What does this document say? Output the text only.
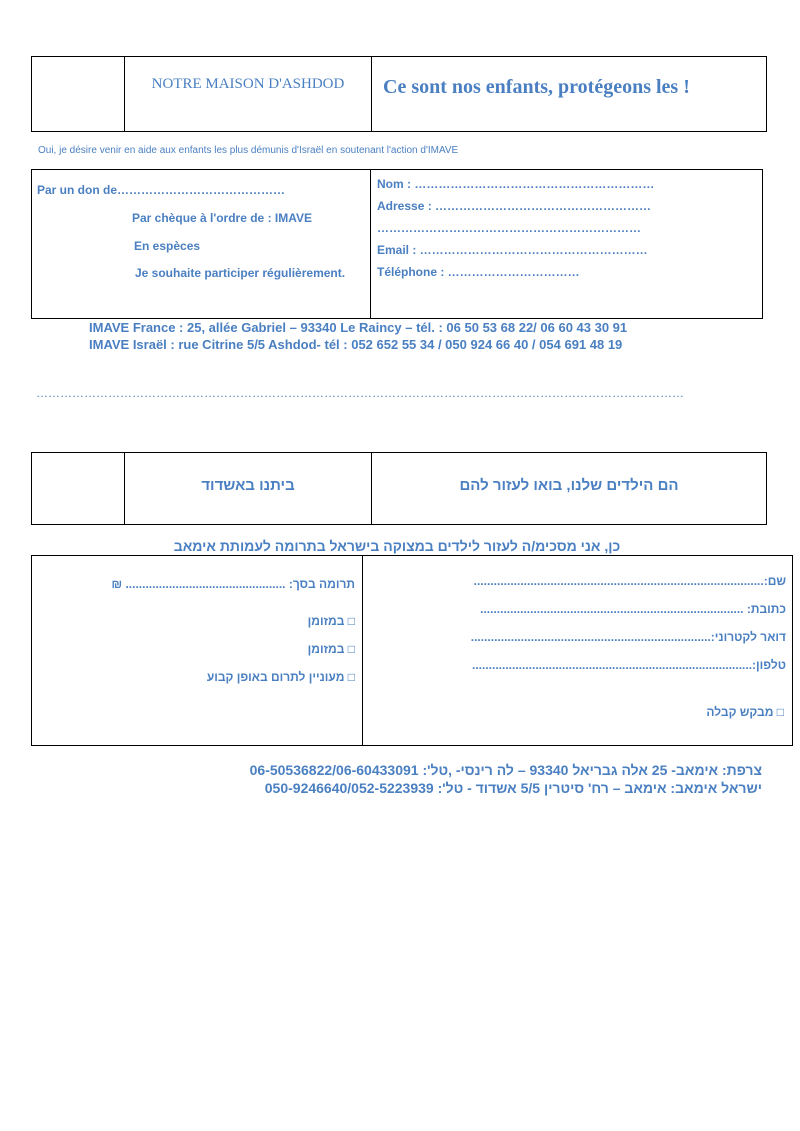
NOTRE MAISON D'ASHDOD	Ce sont nos enfants, protégeons les !
Oui, je désire venir en aide aux enfants les plus démunis d'Israël en soutenant l'action d'IMAVE
Par un don de……………………………………
Par chèque à l'ordre de : IMAVE
En espèces
Je souhaite participer régulièrement.
Nom : ……………………………………………………
Adresse : ………………………………………………
…………………………………………………………
Email : …………………………………………………
Téléphone : ……………………………
IMAVE France : 25, allée Gabriel – 93340 Le Raincy – tél. : 06 50 53 68 22/ 06 60 43 30 91
IMAVE Israël : rue Citrine 5/5 Ashdod- tél : 052 652 55 34 / 050 924 66 40 / 054 691 48 19
………………………………………………………………………………………………………………………………………………
ביתנו באשדוד	הם הילדים שלנו, בואו לעזור להם
כן, אני מסכימ/ה לעזור לילדים במצוקה בישראל בתרומה לעמותת אימאב
תרומה בסך: ................................................ ₪
□ במזומן
□ במזומן
□ מעוניין לתרום באופן קבוע
שם:.......................................................................................
כתובת: ...............................................................................
דואר לקטרוני:........................................................................
טלפון:....................................................................................
□ מבקש קבלה
צרפת: אימאב- 25 אלה גבריאל 93340 – לה רינסי- ,טל': 06-50536822/06-60433091
ישראל אימאב: אימאב – רח' סיטרין 5/5 אשדוד - טל': 050-9246640/052-5223939
